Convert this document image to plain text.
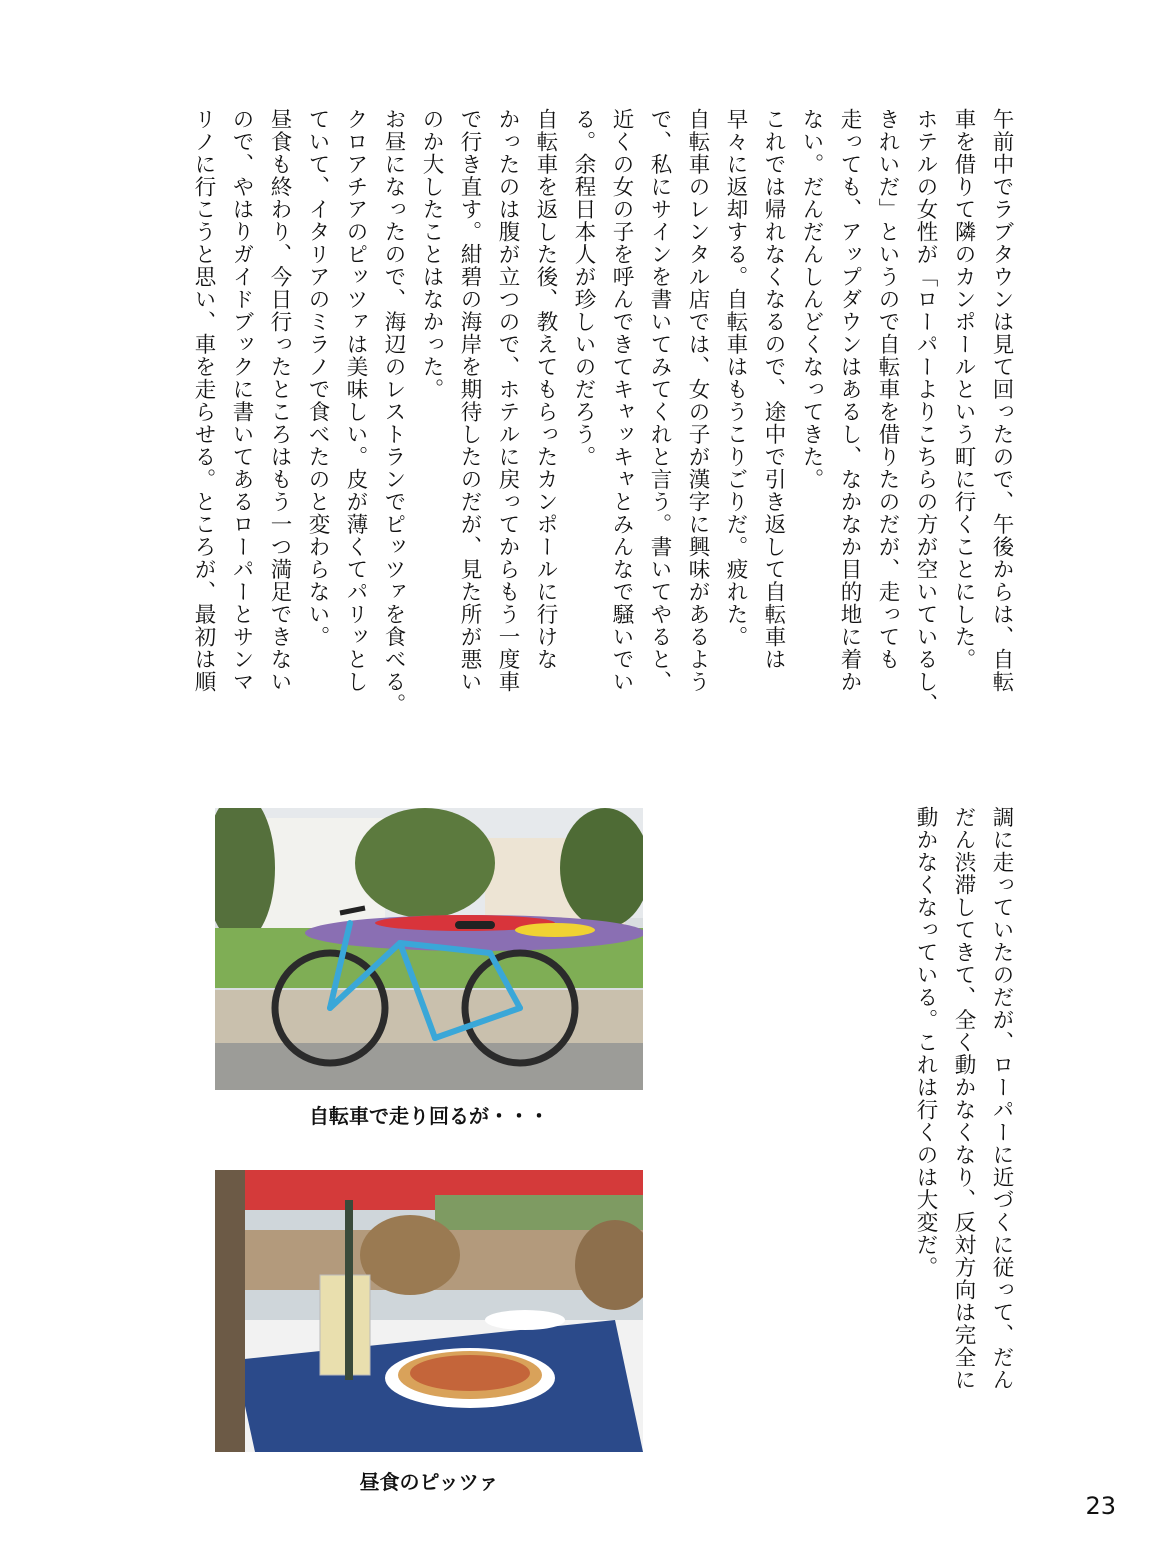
午前中でラブタウンは見て回ったので、午後からは、自転
車を借りて隣のカンポールという町に行くことにした。
ホテルの女性が「ローパーよりこちらの方が空いているし、
きれいだ」というので自転車を借りたのだが、走っても
走っても、アップダウンはあるし、なかなか目的地に着か
ない。だんだんしんどくなってきた。
これでは帰れなくなるので、途中で引き返して自転車は
早々に返却する。自転車はもうこりごりだ。疲れた。
自転車のレンタル店では、女の子が漢字に興味があるよう
で、私にサインを書いてみてくれと言う。書いてやると、
近くの女の子を呼んできてキャッキャとみんなで騒いでい
る。余程日本人が珍しいのだろう。
自転車を返した後、教えてもらったカンポールに行けな
かったのは腹が立つので、ホテルに戻ってからもう一度車
で行き直す。紺碧の海岸を期待したのだが、見た所が悪い
のか大したことはなかった。
お昼になったので、海辺のレストランでピッツァを食べる。
クロアチアのピッツァは美味しい。皮が薄くてパリッとし
ていて、イタリアのミラノで食べたのと変わらない。
昼食も終わり、今日行ったところはもう一つ満足できない
ので、やはりガイドブックに書いてあるローパーとサンマ
リノに行こうと思い、車を走らせる。ところが、最初は順
調に走っていたのだが、ローパーに近づくに従って、だん
だん渋滞してきて、全く動かなくなり、反対方向は完全に
動かなくなっている。これは行くのは大変だ。
自転車で走り回るが・・・
昼食のピッツァ
23
